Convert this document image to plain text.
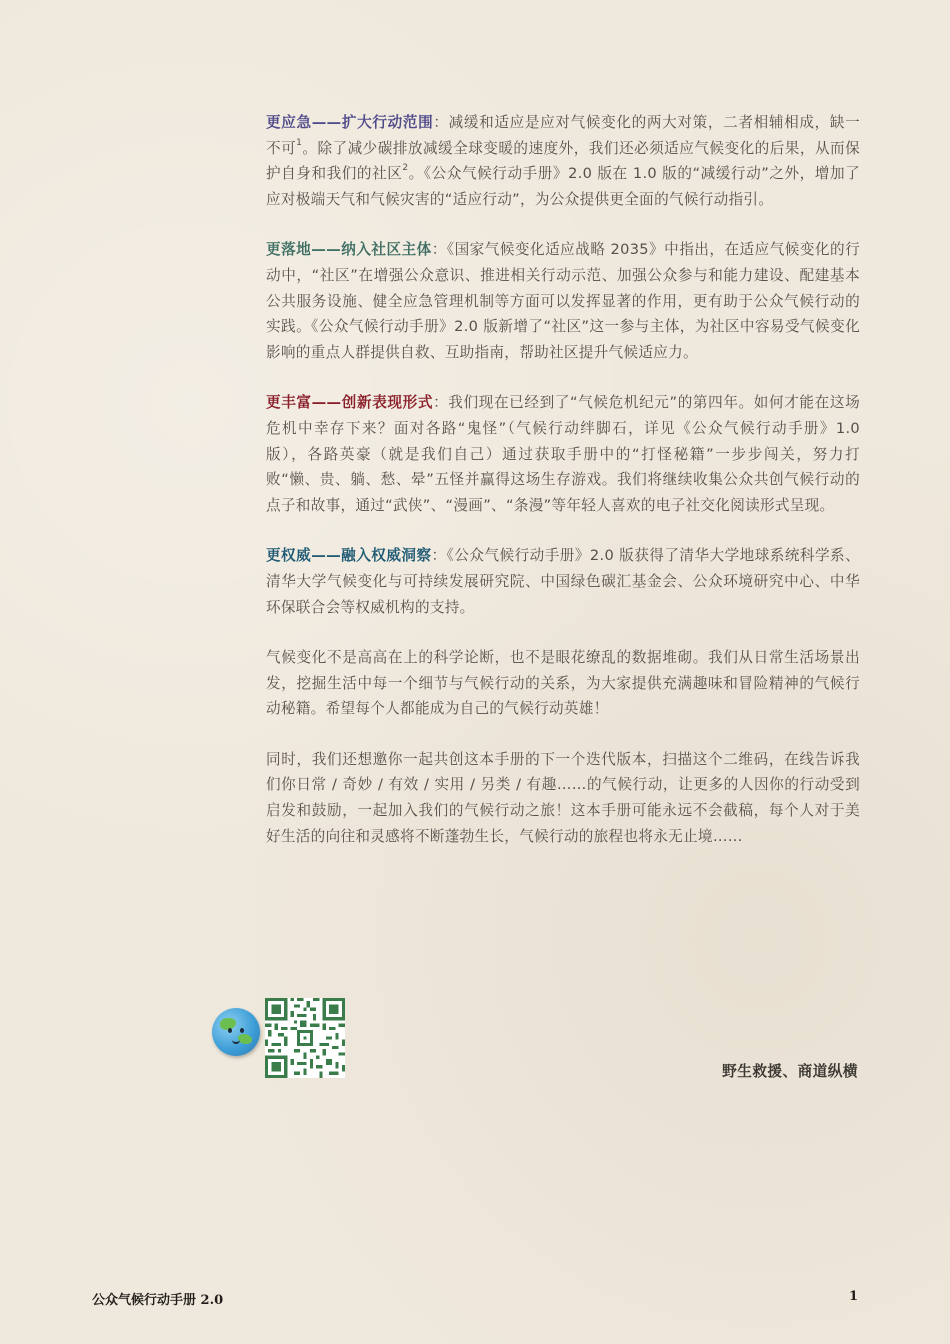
更应急——扩大行动范围：减缓和适应是应对气候变化的两大对策，二者相辅相成，缺一不可$^1$。除了减少碳排放减缓全球变暖的速度外，我们还必须适应气候变化的后果，从而保护自身和我们的社区$^2$。《公众气候行动手册》2.0 版在 1.0 版的“减缓行动”之外，增加了应对极端天气和气候灾害的“适应行动”，为公众提供更全面的气候行动指引。

更落地——纳入社区主体：《国家气候变化适应战略 2035》中指出，在适应气候变化的行动中，“社区”在增强公众意识、推进相关行动示范、加强公众参与和能力建设、配建基本公共服务设施、健全应急管理机制等方面可以发挥显著的作用，更有助于公众气候行动的实践。《公众气候行动手册》2.0 版新增了“社区”这一参与主体，为社区中容易受气候变化影响的重点人群提供自救、互助指南，帮助社区提升气候适应力。

更丰富——创新表现形式：我们现在已经到了“气候危机纪元”的第四年。如何才能在这场危机中幸存下来？面对各路“鬼怪”（气候行动绊脚石，详见《公众气候行动手册》1.0 版），各路英豪（就是我们自己）通过获取手册中的“打怪秘籍”一步步闯关，努力打败“懒、贵、躺、愁、晕”五怪并赢得这场生存游戏。我们将继续收集公众共创气候行动的点子和故事，通过“武侠”、“漫画”、“条漫”等年轻人喜欢的电子社交化阅读形式呈现。

更权威——融入权威洞察：《公众气候行动手册》2.0 版获得了清华大学地球系统科学系、清华大学气候变化与可持续发展研究院、中国绿色碳汇基金会、公众环境研究中心、中华环保联合会等权威机构的支持。

气候变化不是高高在上的科学论断，也不是眼花缭乱的数据堆砌。我们从日常生活场景出发，挖掘生活中每一个细节与气候行动的关系，为大家提供充满趣味和冒险精神的气候行动秘籍。希望每个人都能成为自己的气候行动英雄！

同时，我们还想邀你一起共创这本手册的下一个迭代版本，扫描这个二维码，在线告诉我们你日常 / 奇妙 / 有效 / 实用 / 另类 / 有趣……的气候行动，让更多的人因你的行动受到启发和鼓励，一起加入我们的气候行动之旅！这本手册可能永远不会截稿，每个人对于美好生活的向往和灵感将不断蓬勃生长，气候行动的旅程也将永无止境……

野生救援、商道纵横
公众气候行动手册 2.0	1
